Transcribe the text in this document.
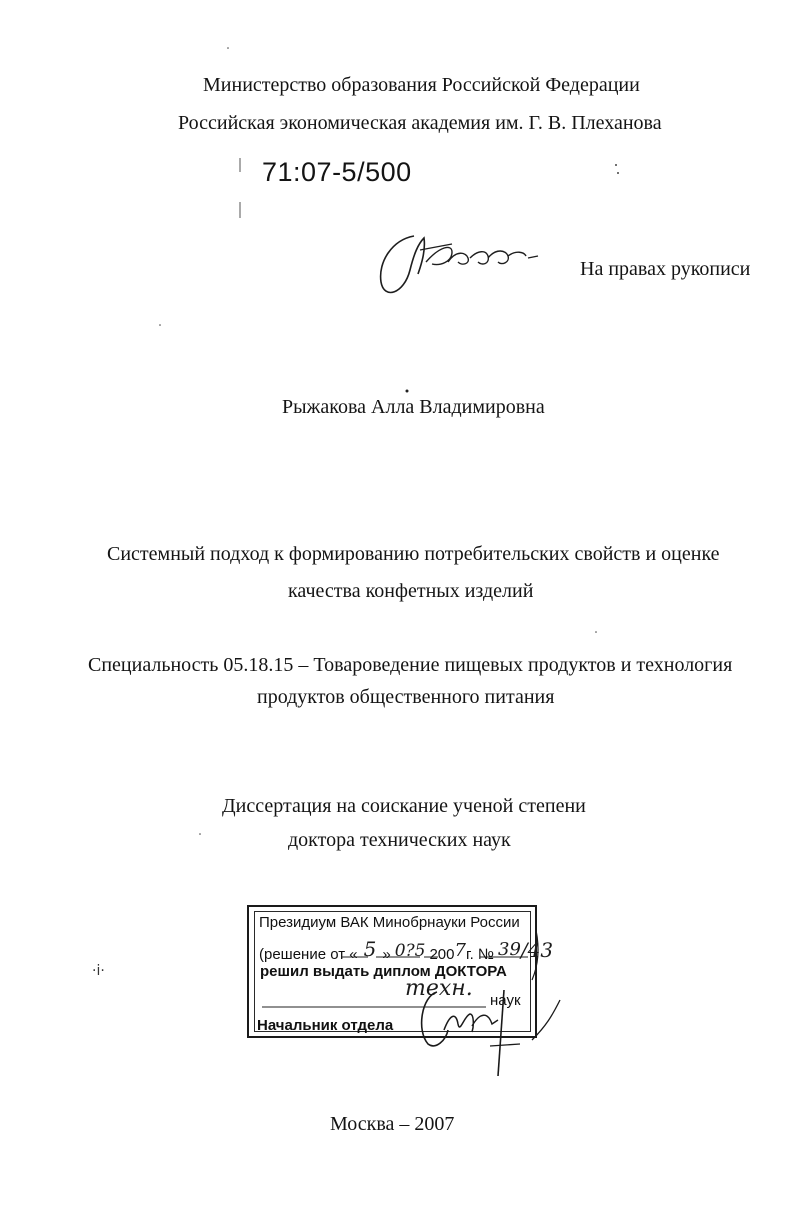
Министерство образования Российской Федерации
Российская экономическая академия им. Г. В. Плеханова
71:07-5/500
·i·
На правах рукописи
Рыжакова Алла Владимировна
Системный подход к формированию потребительских свойств и оценке
качества конфетных изделий
Специальность 05.18.15 – Товароведение пищевых продуктов и технология
продуктов общественного питания
Диссертация на соискание ученой степени
доктора технических наук
Президиум ВАК Минобрнауки России
(решение от « 5 » 0?5 2007г. № 39/43
решил выдать диплом ДОКТОРА
техн. наук
Начальник отдела
Москва – 2007
